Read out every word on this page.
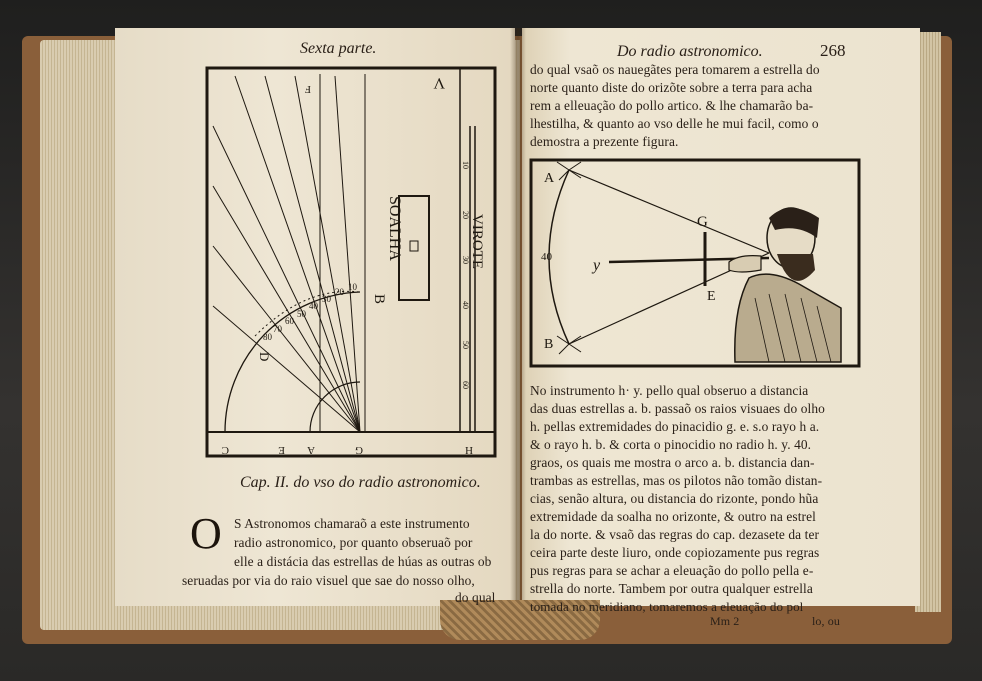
Sexta parte.
SOALHA	VIROTE
V
B
D
F
C	E A	G	H
10
20
30
40
50
60
70
80
10
20
30
40
50
60
Cap. II. do vso do radio astronomico.
O S Astronomos chamaraõ a este instrumento
radio astronomico, por quanto obseruaõ por
elle a distácia das estrellas de húas as outras ob
seruadas por via do raio visuel que sae do nosso olho,
do qual
Do radio astronomico.	268
do qual vsaõ os nauegãtes pera tomarem a estrella do
norte quanto diste do orizõte sobre a terra para acha
rem a elleuação do pollo artico. & lhe chamarão ba-
lhestilha, & quanto ao vso delle he mui facil, como o
demostra a prezente figura.
A
B
G
E
y
40
No instrumento h· y. pello qual obseruo a distancia
das duas estrellas a. b. passaõ os raios visuaes do olho
h. pellas extremidades do pinacidio g. e. s.o rayo h a.
& o rayo h. b. & corta o pinocidio no radio h. y. 40.
graos, os quais me mostra o arco a. b. distancia dan-
trambas as estrellas, mas os pilotos não tomão distan-
cias, senão altura, ou distancia do rizonte, pondo hũa
extremidade da soalha no orizonte, & outro na estrel
la do norte. & vsaõ das regras do cap. dezasete da ter
ceira parte deste liuro, onde copiozamente pus regras
pus regras para se achar a eleuação do pollo pella e-
strella do norte. Tambem por outra qualquer estrella
tomada no meridiano, tomaremos a eleuação do pol
Mm 2	lo, ou
